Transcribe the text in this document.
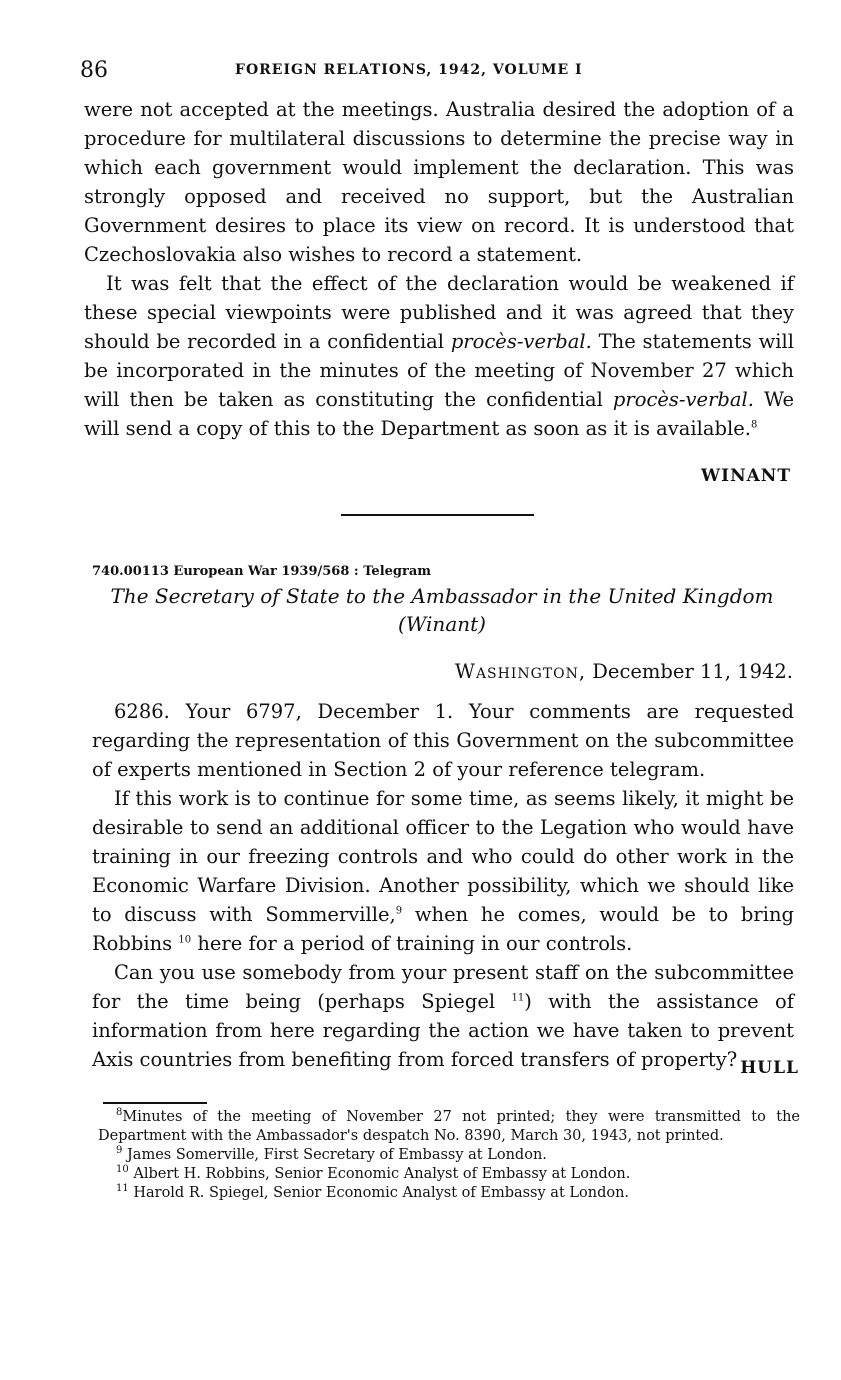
86	FOREIGN RELATIONS, 1942, VOLUME I

were not accepted at the meetings. Australia desired the adoption of a procedure for multilateral discussions to determine the precise way in which each government would implement the declaration. This was strongly opposed and received no support, but the Australian Government desires to place its view on record. It is understood that Czechoslovakia also wishes to record a statement.

It was felt that the effect of the declaration would be weakened if these special viewpoints were published and it was agreed that they should be recorded in a confidential procès-verbal. The statements will be incorporated in the minutes of the meeting of November 27 which will then be taken as constituting the confidential procès-verbal. We will send a copy of this to the Department as soon as it is available.$^8$

WINANT
740.00113 European War 1939/568 : Telegram
The Secretary of State to the Ambassador in the United Kingdom
(Winant)
Washington, December 11, 1942.

6286. Your 6797, December 1. Your comments are requested regarding the representation of this Government on the subcommittee of experts mentioned in Section 2 of your reference telegram.

If this work is to continue for some time, as seems likely, it might be desirable to send an additional officer to the Legation who would have training in our freezing controls and who could do other work in the Economic Warfare Division. Another possibility, which we should like to discuss with Sommerville,$^9$ when he comes, would be to bring Robbins $^{10}$ here for a period of training in our controls.

Can you use somebody from your present staff on the subcommittee for the time being (perhaps Spiegel $^{11}$) with the assistance of information from here regarding the action we have taken to prevent Axis countries from benefiting from forced transfers of property? HULL

$^8$Minutes of the meeting of November 27 not printed; they were transmitted to the Department with the Ambassador's despatch No. 8390, March 30, 1943, not printed.

$^9$ James Somerville, First Secretary of Embassy at London.

$^{10}$ Albert H. Robbins, Senior Economic Analyst of Embassy at London.

$^{11}$ Harold R. Spiegel, Senior Economic Analyst of Embassy at London.
